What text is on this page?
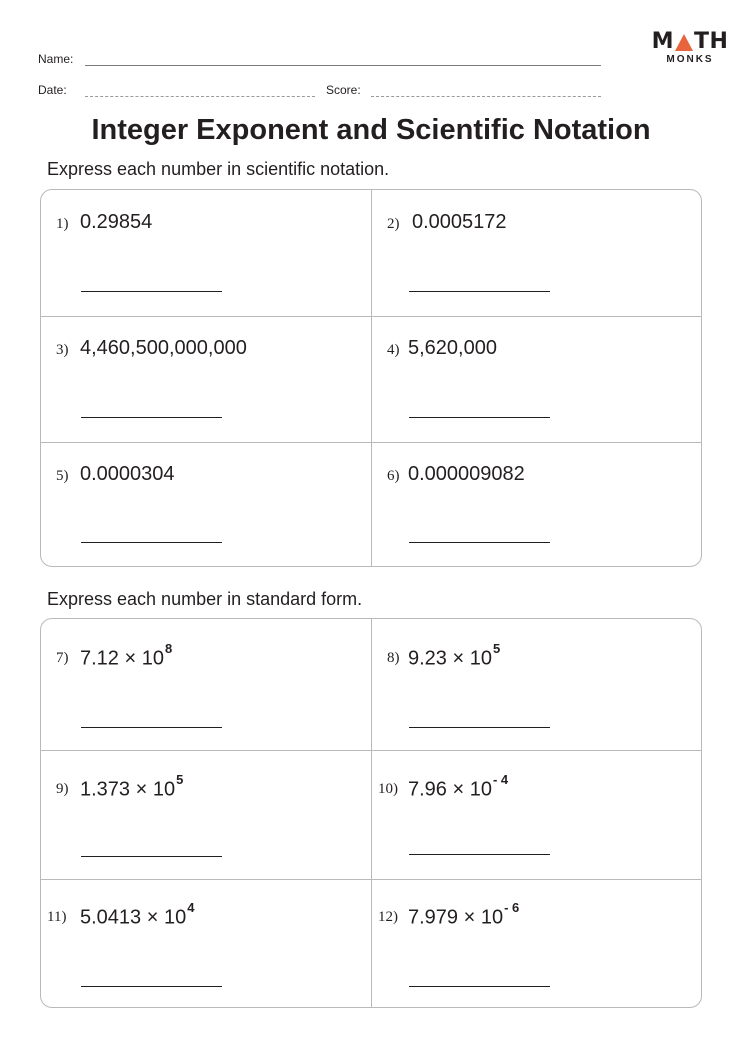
Name:
Date:	Score:
M TH
MONKS
Integer Exponent and Scientific Notation
Express each number in scientific notation.
1) 0.29854	2) 0.0005172
3) 4,460,500,000,000	4) 5,620,000
5) 0.0000304	6) 0.000009082
Express each number in standard form.
7) $7.12 \times 10^8$
8) $9.23 \times 10^5$
9) $1.373 \times 10^5$
10) $7.96 \times 10^{- 4}$
11) $5.0413 \times 10^4$
12) $7.979 \times 10^{- 6}$
